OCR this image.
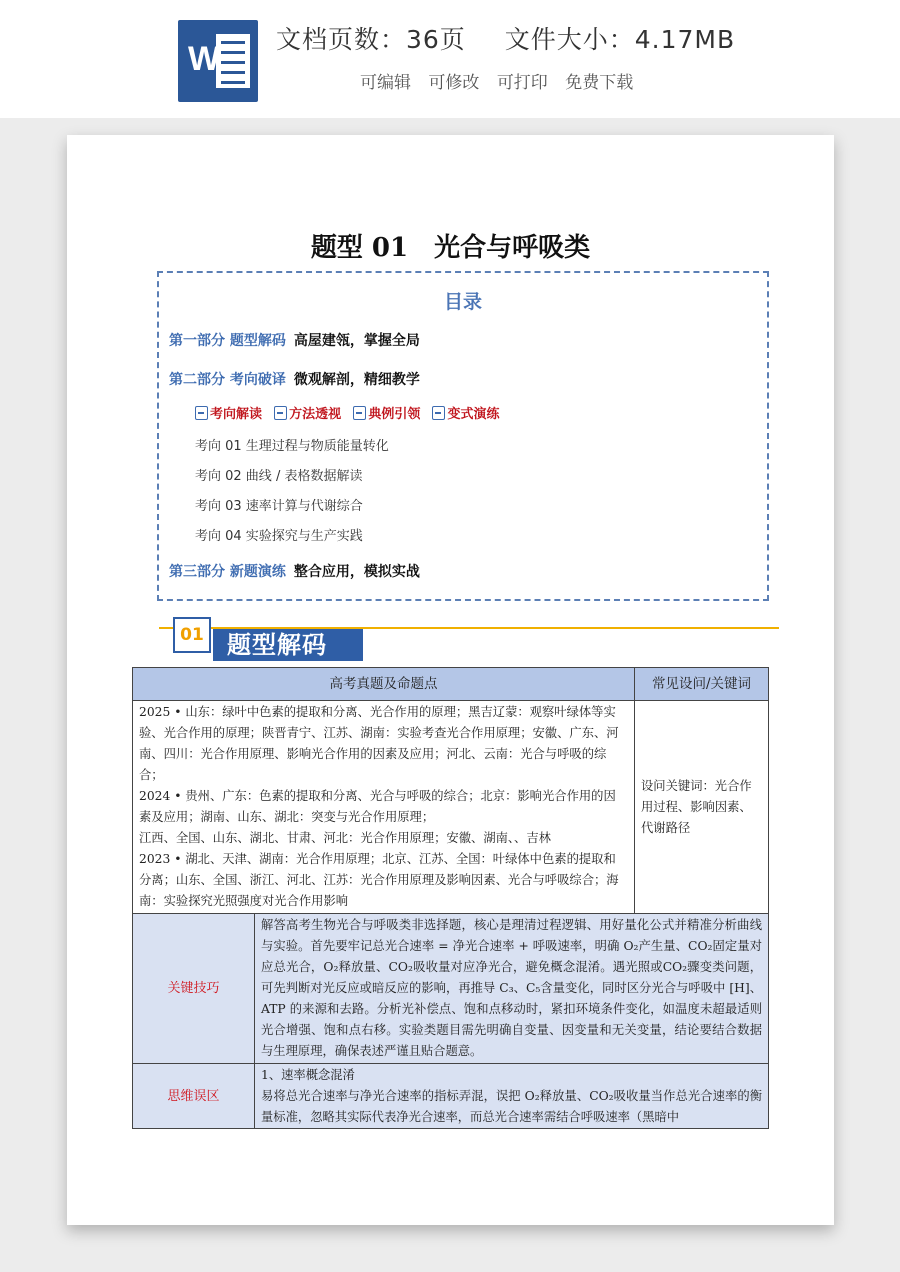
W
文档页数：36页 文件大小：4.17MB
可编辑 可修改 可打印 免费下载
题型 01　光合与呼吸类
目录
第一部分 题型解码 高屋建瓴，掌握全局
第二部分 考向破译 微观解剖，精细教学
考向解读 方法透视 典例引领 变式演练
考向 01 生理过程与物质能量转化
考向 02 曲线 / 表格数据解读
考向 03 速率计算与代谢综合
考向 04 实验探究与生产实践
第三部分 新题演练 整合应用，模拟实战
01 题型解码
高考真题及命题点		常见设问/关键词

2025 • 山东：绿叶中色素的提取和分离、光合作用的原理；黑吉辽蒙：观察叶绿体等实验、光合作用的原理；陕晋青宁、江苏、湖南：实验考查光合作用原理；安徽、广东、河南、四川：光合作用原理、影响光合作用的因素及应用；河北、云南：光合与呼吸的综合；
2024 • 贵州、广东：色素的提取和分离、光合与呼吸的综合；北京：影响光合作用的因素及应用；湖南、山东、湖北：突变与光合作用原理；
江西、全国、山东、湖北、甘肃、河北：光合作用原理；安徽、湖南、、吉林
2023 • 湖北、天津、湖南：光合作用原理；北京、江苏、全国：叶绿体中色素的提取和分离；山东、全国、浙江、河北、江苏：光合作用原理及影响因素、光合与呼吸综合；海南：实验探究光照强度对光合作用影响		设问关键词：光合作用过程、影响因素、代谢路径
关键技巧	解答高考生物光合与呼吸类非选择题，核心是理清过程逻辑、用好量化公式并精准分析曲线与实验。首先要牢记总光合速率 = 净光合速率 + 呼吸速率，明确 O₂产生量、CO₂固定量对应总光合，O₂释放量、CO₂吸收量对应净光合，避免概念混淆。遇光照或CO₂骤变类问题，可先判断对光反应或暗反应的影响，再推导 C₃、C₅含量变化，同时区分光合与呼吸中 [H]、ATP 的来源和去路。分析光补偿点、饱和点移动时，紧扣环境条件变化，如温度未超最适则光合增强、饱和点右移。实验类题目需先明确自变量、因变量和无关变量，结论要结合数据与生理原理，确保表述严谨且贴合题意。	
思维误区	1、速率概念混淆
易将总光合速率与净光合速率的指标弄混，误把 O₂释放量、CO₂吸收量当作总光合速率的衡量标准，忽略其实际代表净光合速率，而总光合速率需结合呼吸速率（黑暗中	
